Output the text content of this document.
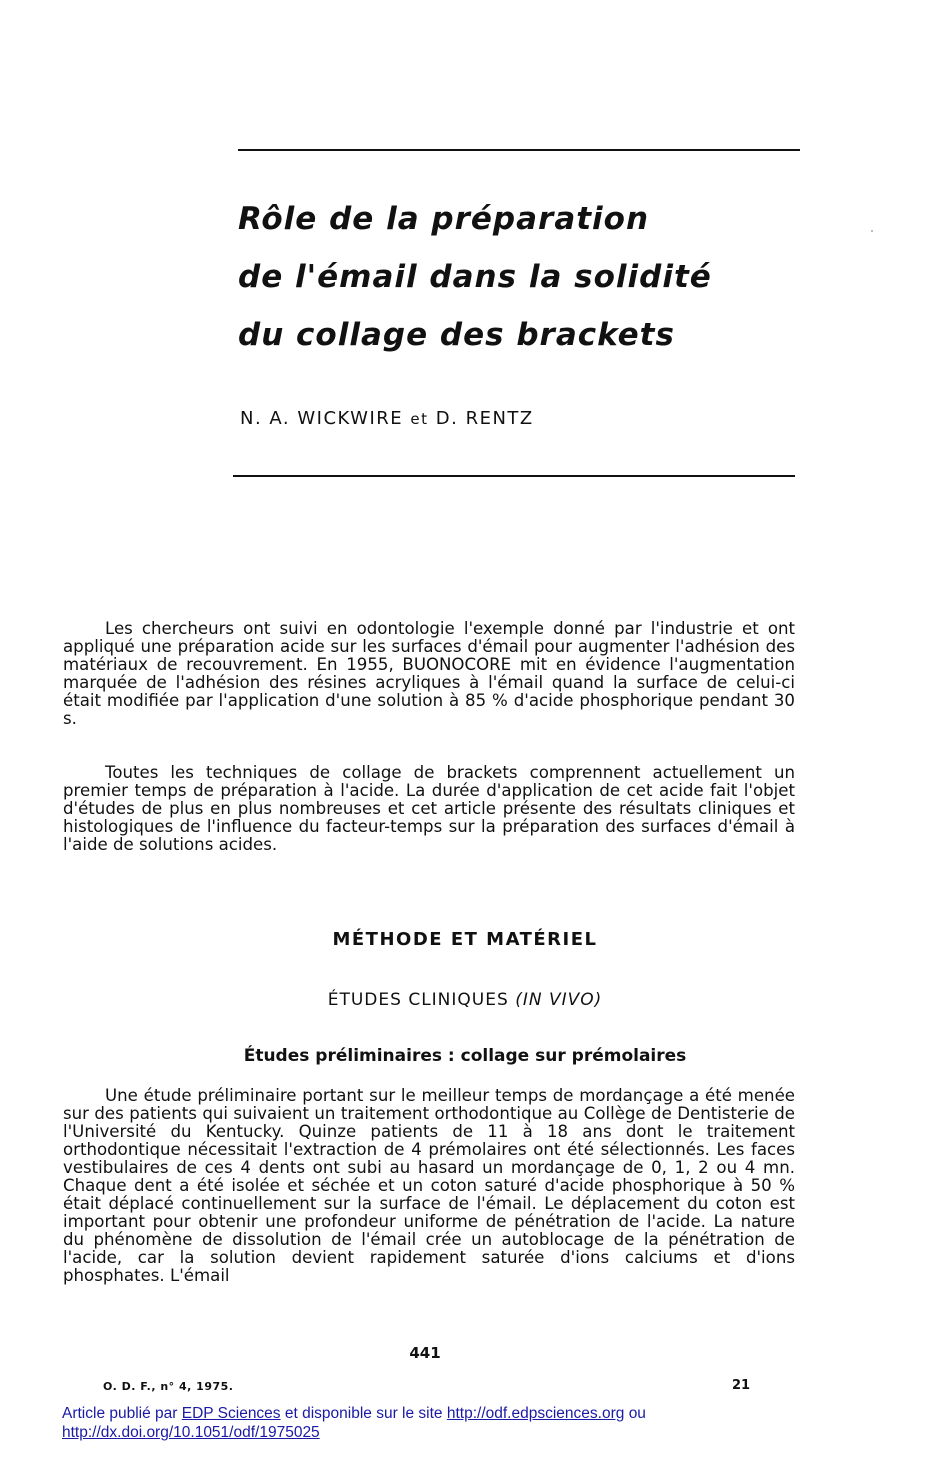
Rôle de la préparation
de l'émail dans la solidité
du collage des brackets
N. A. WICKWIRE et D. RENTZ

Les chercheurs ont suivi en odontologie l'exemple donné par l'industrie et ont appliqué une préparation acide sur les surfaces d'émail pour augmenter l'adhésion des matériaux de recouvrement. En 1955, BUONOCORE mit en évidence l'augmentation marquée de l'adhésion des résines acryliques à l'émail quand la surface de celui-ci était modifiée par l'application d'une solution à 85 % d'acide phosphorique pendant 30 s.

Toutes les techniques de collage de brackets comprennent actuellement un premier temps de préparation à l'acide. La durée d'application de cet acide fait l'objet d'études de plus en plus nombreuses et cet article présente des résultats cliniques et histologiques de l'influence du facteur-temps sur la préparation des surfaces d'émail à l'aide de solutions acides.

MÉTHODE ET MATÉRIEL
ÉTUDES CLINIQUES (IN VIVO)
Études préliminaires : collage sur prémolaires

Une étude préliminaire portant sur le meilleur temps de mordançage a été menée sur des patients qui suivaient un traitement orthodontique au Collège de Dentisterie de l'Université du Kentucky. Quinze patients de 11 à 18 ans dont le traitement orthodontique nécessitait l'extraction de 4 prémolaires ont été sélectionnés. Les faces vestibulaires de ces 4 dents ont subi au hasard un mordançage de 0, 1, 2 ou 4 mn. Chaque dent a été isolée et séchée et un coton saturé d'acide phosphorique à 50 % était déplacé continuellement sur la surface de l'émail. Le déplacement du coton est important pour obtenir une profondeur uniforme de pénétration de l'acide. La nature du phénomène de dissolution de l'émail crée un autoblocage de la pénétration de l'acide, car la solution devient rapidement saturée d'ions calciums et d'ions phosphates. L'émail

441
O. D. F., n° 4, 1975.	21
Article publié par EDP Sciences et disponible sur le site http://odf.edpsciences.org ou
http://dx.doi.org/10.1051/odf/1975025
